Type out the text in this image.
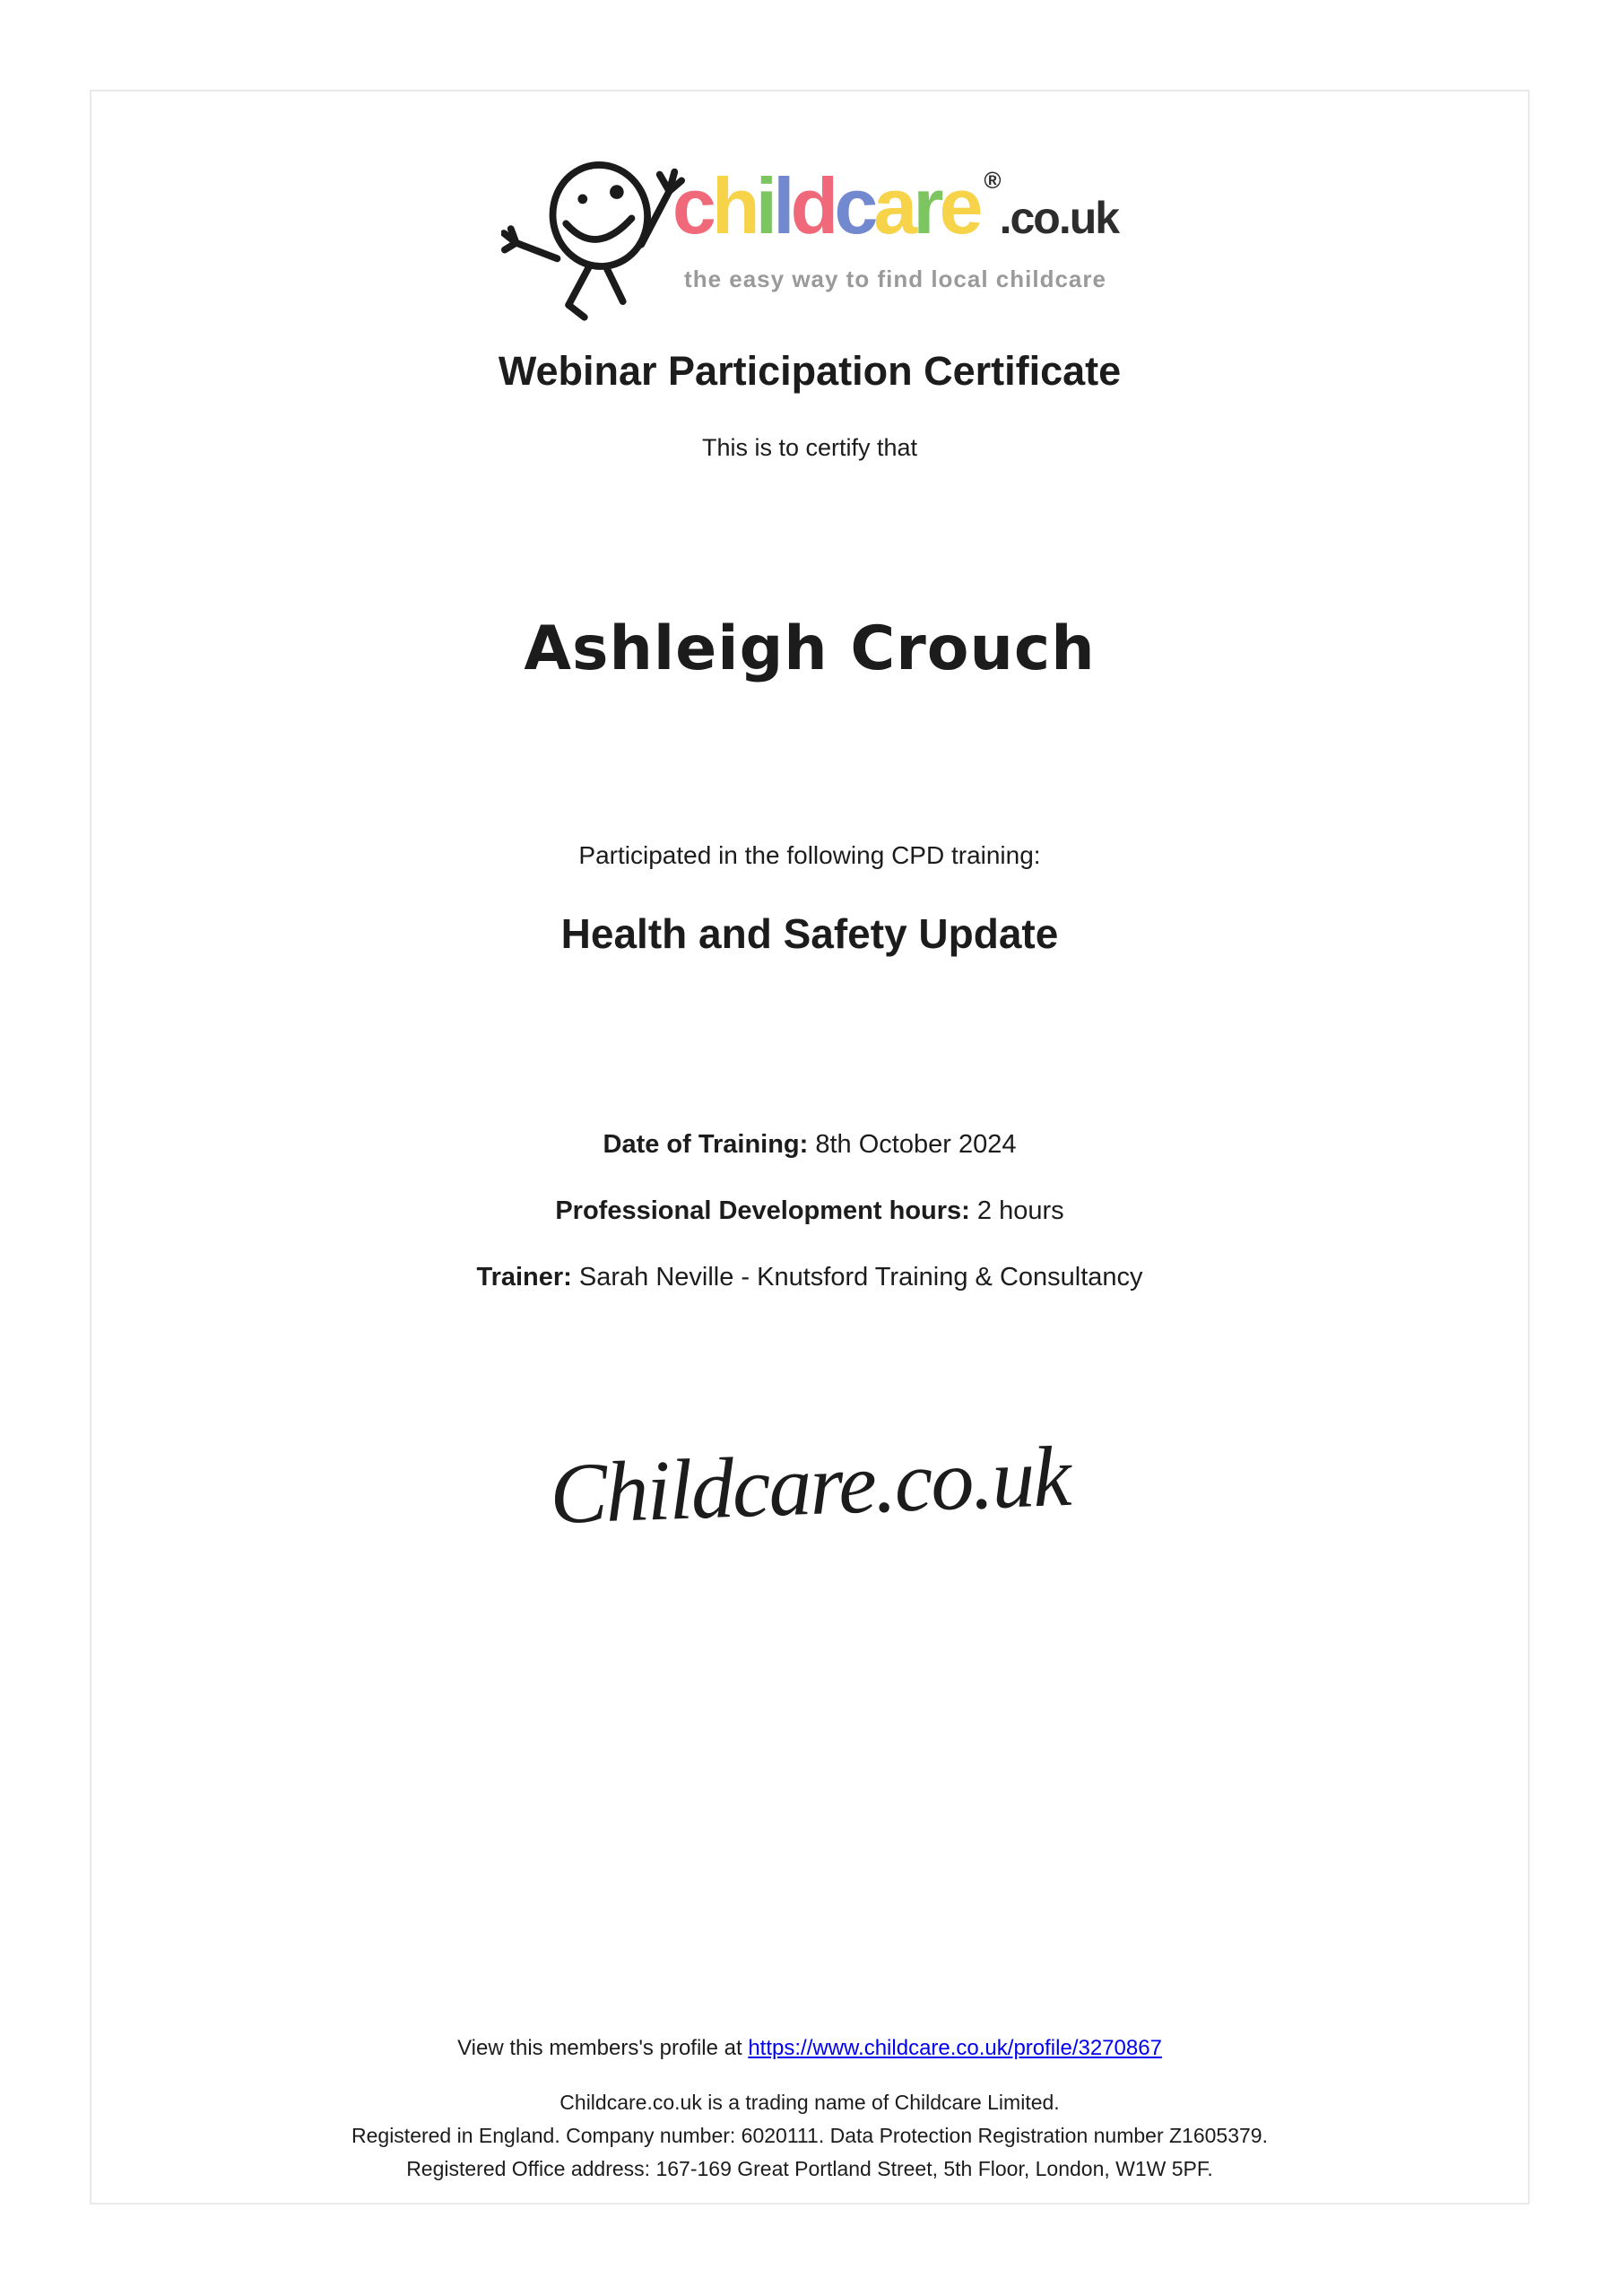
childcare ®
.co.uk
the easy way to find local childcare
Webinar Participation Certificate
This is to certify that
Ashleigh Crouch
Participated in the following CPD training:
Health and Safety Update
Date of Training: 8th October 2024
Professional Development hours: 2 hours
Trainer: Sarah Neville - Knutsford Training & Consultancy
Childcare.co.uk
View this members's profile at https://www.childcare.co.uk/profile/3270867
Childcare.co.uk is a trading name of Childcare Limited.
Registered in England. Company number: 6020111. Data Protection Registration number Z1605379.
Registered Office address: 167-169 Great Portland Street, 5th Floor, London, W1W 5PF.
